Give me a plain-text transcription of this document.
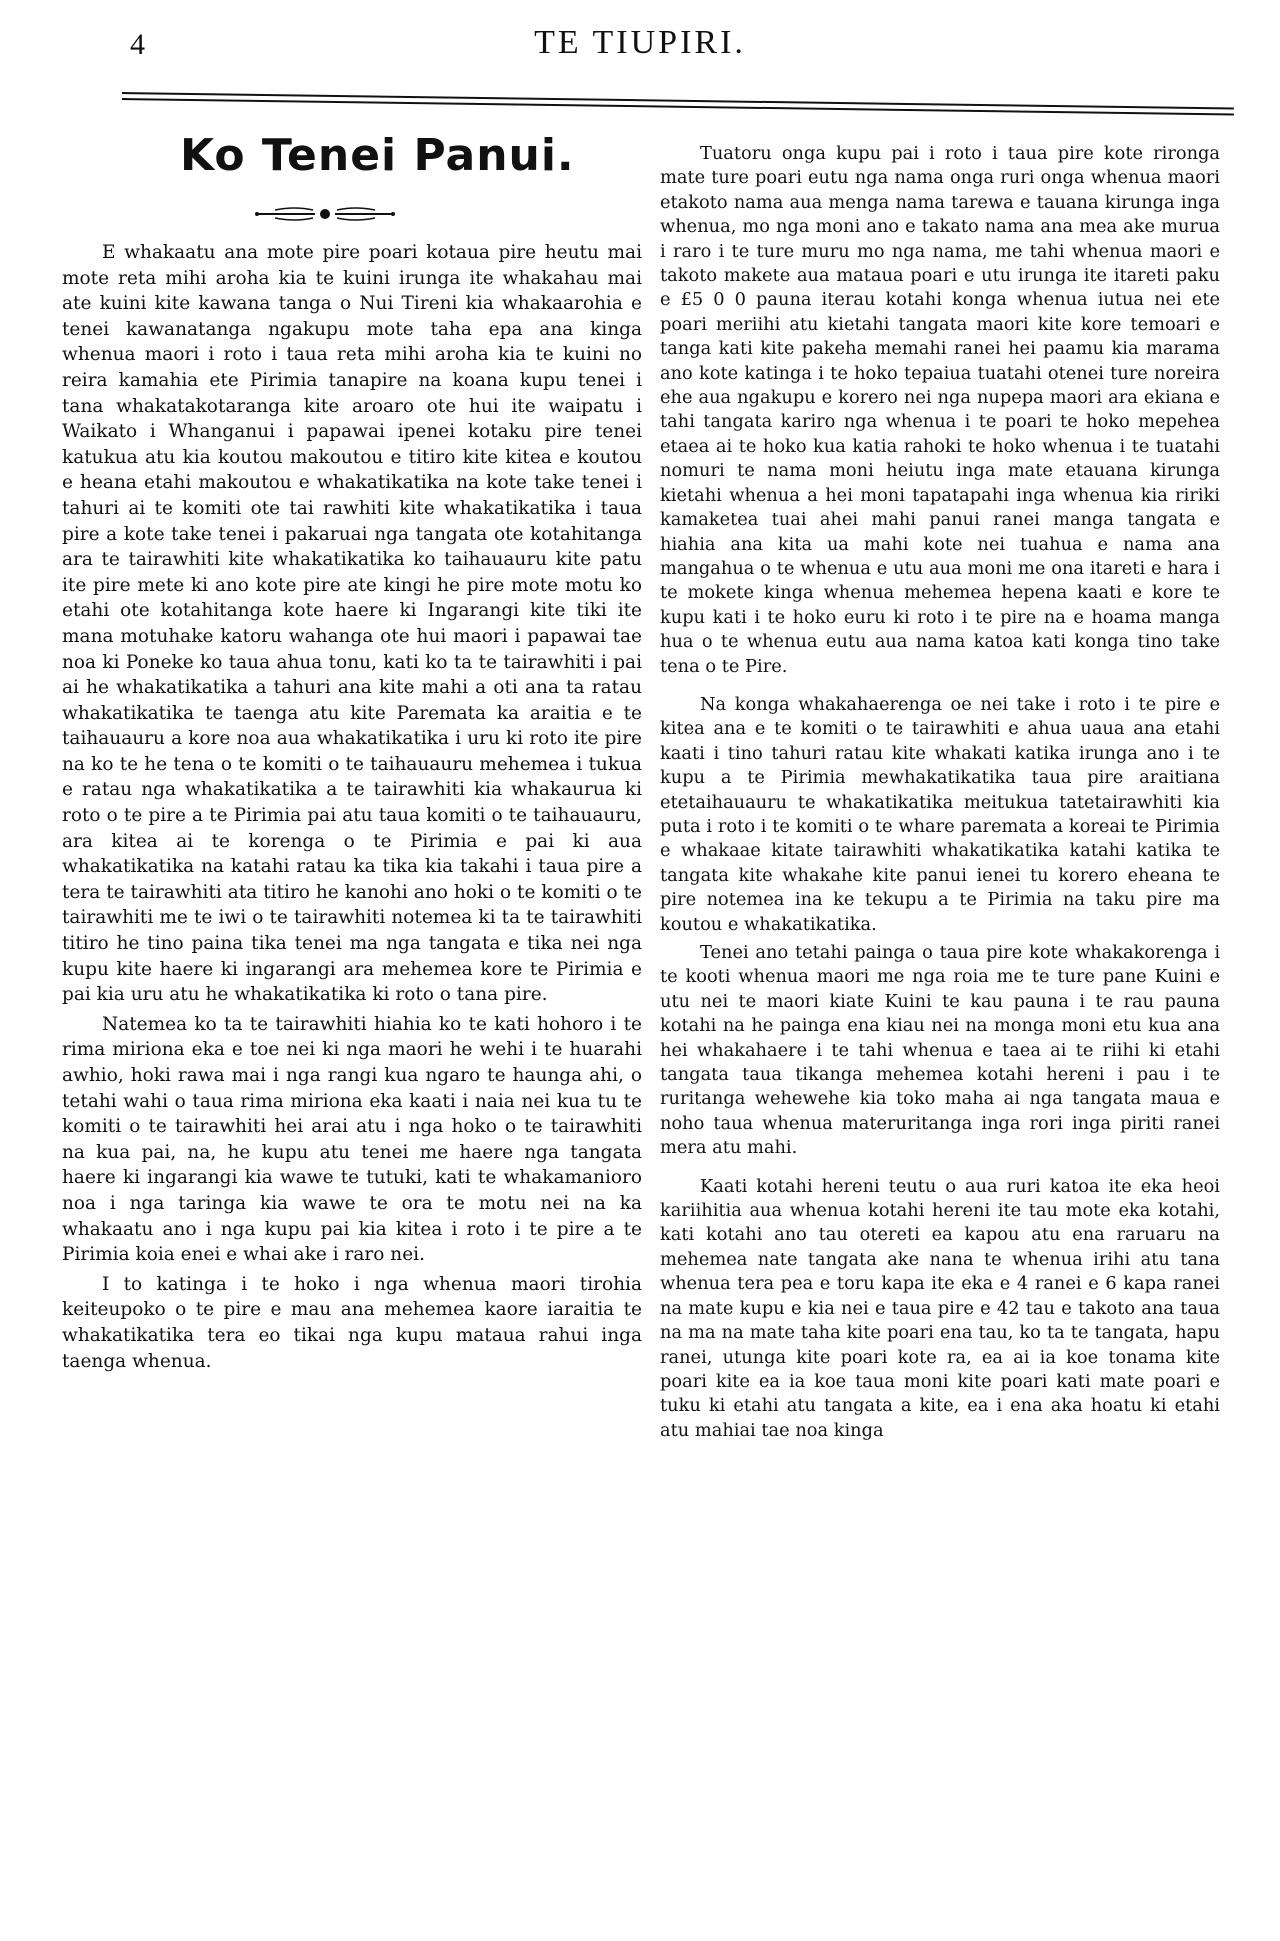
4	TE TIUPIRI.
Ko Tenei Panui.

E whakaatu ana mote pire poari kotaua pire heutu mai mote reta mihi aroha kia te kuini irunga ite whakahau mai ate kuini kite kawana tanga o Nui Tireni kia whakaarohia e tenei kawanatanga ngakupu mote taha epa ana kinga whenua maori i roto i taua reta mihi aroha kia te kuini no reira kamahia ete Pirimia tanapire na koana kupu tenei i tana whakatakotaranga kite aroaro ote hui ite waipatu i Waikato i Whanganui i papawai ipenei kotaku pire tenei katukua atu kia koutou makoutou e titiro kite kitea e koutou e heana etahi makoutou e whakatikatika na kote take tenei i tahuri ai te komiti ote tai rawhiti kite whakatikatika i taua pire a kote take tenei i pakaruai nga tangata ote kotahitanga ara te tairawhiti kite whakatikatika ko taihauauru kite patu ite pire mete ki ano kote pire ate kingi he pire mote motu ko etahi ote kotahitanga kote haere ki Ingarangi kite tiki ite mana motuhake katoru wahanga ote hui maori i papawai tae noa ki Poneke ko taua ahua tonu, kati ko ta te tairawhiti i pai ai he whakatikatika a tahuri ana kite mahi a oti ana ta ratau whakatikatika te taenga atu kite Paremata ka araitia e te taihauauru a kore noa aua whakatikatika i uru ki roto ite pire na ko te he tena o te komiti o te taihauauru mehemea i tukua e ratau nga whakatikatika a te tairawhiti kia whakaurua ki roto o te pire a te Pirimia pai atu taua komiti o te taihauauru, ara kitea ai te korenga o te Pirimia e pai ki aua whakatikatika na katahi ratau ka tika kia takahi i taua pire a tera te tairawhiti ata titiro he kanohi ano hoki o te komiti o te tairawhiti me te iwi o te tairawhiti notemea ki ta te tairawhiti titiro he tino paina tika tenei ma nga tangata e tika nei nga kupu kite haere ki ingarangi ara mehemea kore te Pirimia e pai kia uru atu he whakatikatika ki roto o tana pire.

Natemea ko ta te tairawhiti hiahia ko te kati hohoro i te rima miriona eka e toe nei ki nga maori he wehi i te huarahi awhio, hoki rawa mai i nga rangi kua ngaro te haunga ahi, o tetahi wahi o taua rima miriona eka kaati i naia nei kua tu te komiti o te tairawhiti hei arai atu i nga hoko o te tairawhiti na kua pai, na, he kupu atu tenei me haere nga tangata haere ki ingarangi kia wawe te tutuki, kati te whakamanioro noa i nga taringa kia wawe te ora te motu nei na ka whakaatu ano i nga kupu pai kia kitea i roto i te pire a te Pirimia koia enei e whai ake i raro nei.

I to katinga i te hoko i nga whenua maori tirohia keiteupoko o te pire e mau ana mehemea kaore iaraitia te whakatikatika tera eo tikai nga kupu mataua rahui inga taenga whenua.

Tuatoru onga kupu pai i roto i taua pire kote rironga mate ture poari eutu nga nama onga ruri onga whenua maori etakoto nama aua menga nama tarewa e tauana kirunga inga whenua, mo nga moni ano e takato nama ana mea ake murua i raro i te ture muru mo nga nama, me tahi whenua maori e takoto makete aua mataua poari e utu irunga ite itareti paku e £5 0 0 pauna iterau kotahi konga whenua iutua nei ete poari meriihi atu kietahi tangata maori kite kore temoari e tanga kati kite pakeha memahi ranei hei paamu kia marama ano kote katinga i te hoko tepaiua tuatahi otenei ture noreira ehe aua ngakupu e korero nei nga nupepa maori ara ekiana e tahi tangata kariro nga whenua i te poari te hoko mepehea etaea ai te hoko kua katia rahoki te hoko whenua i te tuatahi nomuri te nama moni heiutu inga mate etauana kirunga kietahi whenua a hei moni tapatapahi inga whenua kia ririki kamaketea tuai ahei mahi panui ranei manga tangata e hiahia ana kita ua mahi kote nei tuahua e nama ana mangahua o te whenua e utu aua moni me ona itareti e hara i te mokete kinga whenua mehemea hepena kaati e kore te kupu kati i te hoko euru ki roto i te pire na e hoama manga hua o te whenua eutu aua nama katoa kati konga tino take tena o te Pire.

Na konga whakahaerenga oe nei take i roto i te pire e kitea ana e te komiti o te tairawhiti e ahua uaua ana etahi kaati i tino tahuri ratau kite whakati katika irunga ano i te kupu a te Pirimia mewhakatikatika taua pire araitiana etetaihauauru te whakatikatika meitukua tatetairawhiti kia puta i roto i te komiti o te whare paremata a koreai te Pirimia e whakaae kitate tairawhiti whakatikatika katahi katika te tangata kite whakahe kite panui ienei tu korero eheana te pire notemea ina ke tekupu a te Pirimia na taku pire ma koutou e whakatikatika.

Tenei ano tetahi painga o taua pire kote whakakorenga i te kooti whenua maori me nga roia me te ture pane Kuini e utu nei te maori kiate Kuini te kau pauna i te rau pauna kotahi na he painga ena kiau nei na monga moni etu kua ana hei whakahaere i te tahi whenua e taea ai te riihi ki etahi tangata taua tikanga mehemea kotahi hereni i pau i te ruritanga wehewehe kia toko maha ai nga tangata maua e noho taua whenua materuritanga inga rori inga piriti ranei mera atu mahi.

Kaati kotahi hereni teutu o aua ruri katoa ite eka heoi kariihitia aua whenua kotahi hereni ite tau mote eka kotahi, kati kotahi ano tau otereti ea kapou atu ena raruaru na mehemea nate tangata ake nana te whenua irihi atu tana whenua tera pea e toru kapa ite eka e 4 ranei e 6 kapa ranei na mate kupu e kia nei e taua pire e 42 tau e takoto ana taua na ma na mate taha kite poari ena tau, ko ta te tangata, hapu ranei, utunga kite poari kote ra, ea ai ia koe tonama kite poari kite ea ia koe taua moni kite poari kati mate poari e tuku ki etahi atu tangata a kite, ea i ena aka hoatu ki etahi atu mahiai tae noa kinga
